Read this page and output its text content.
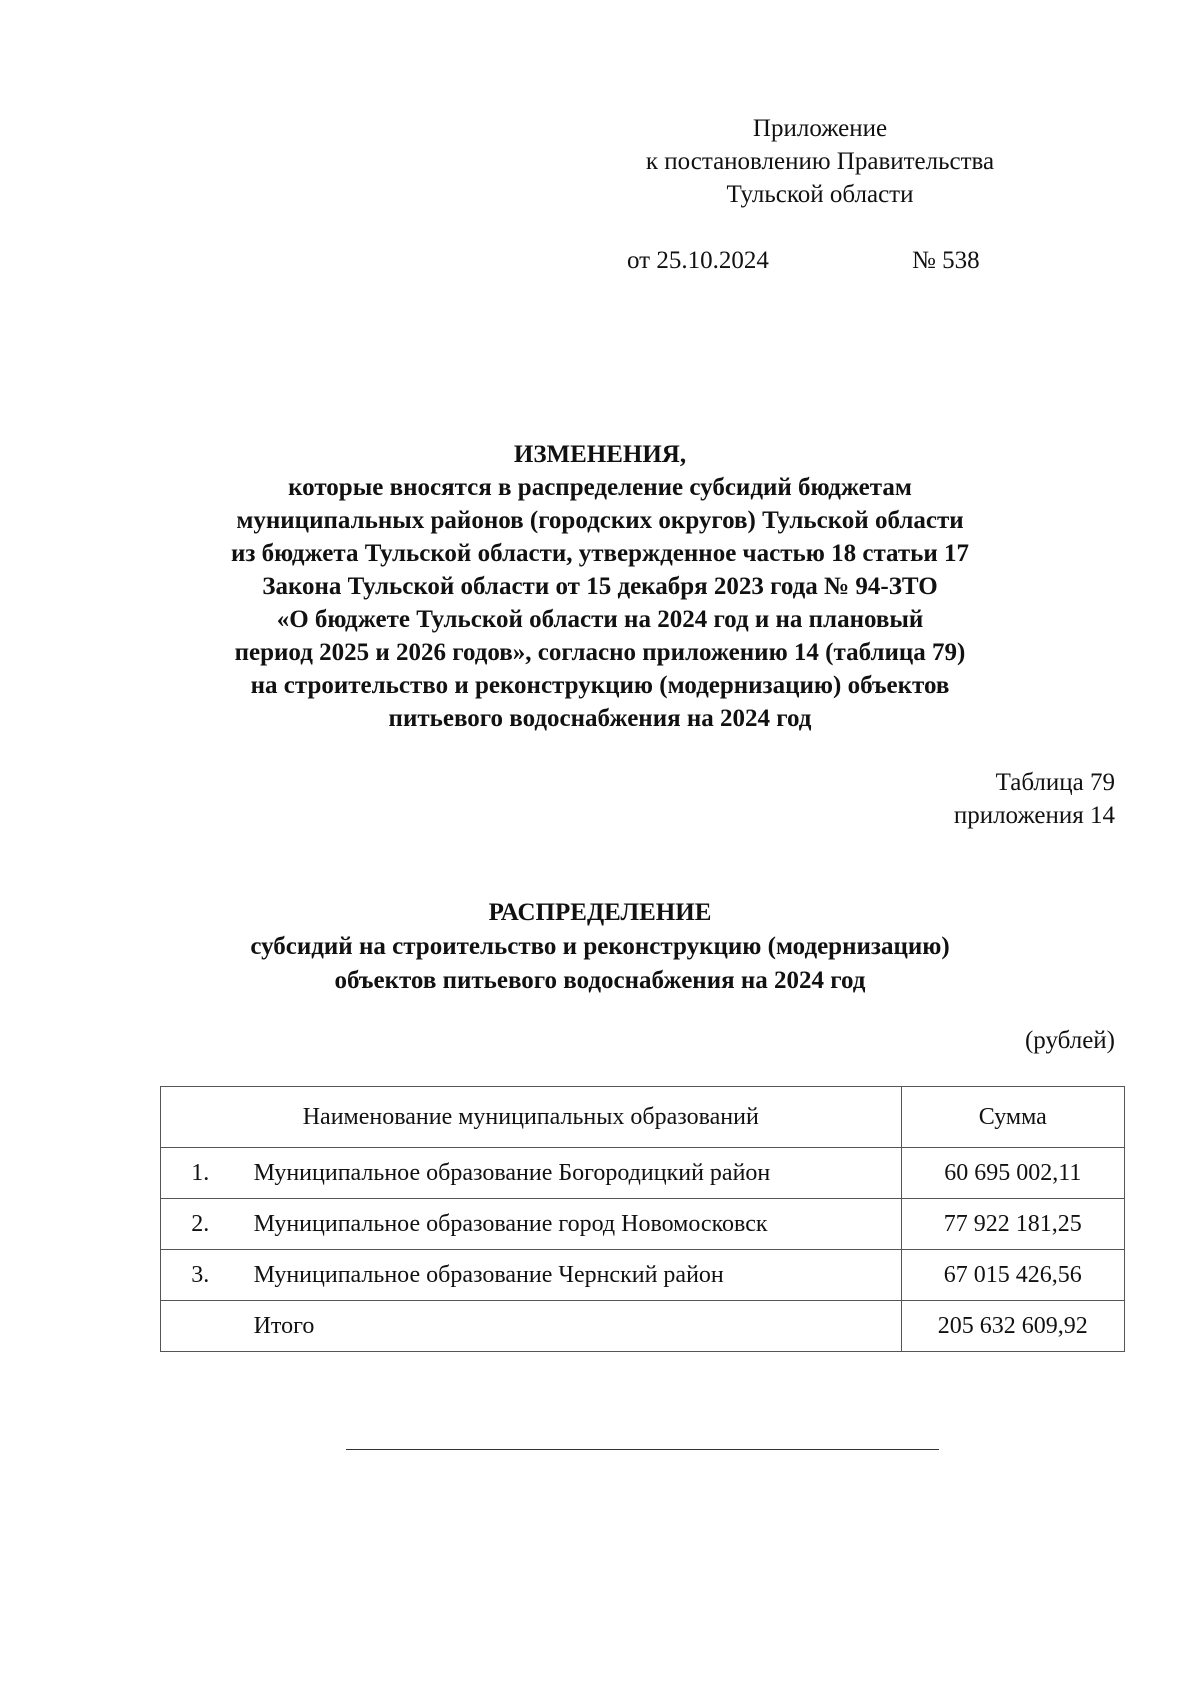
Приложение
к постановлению Правительства
Тульской области
от 25.10.2024	№ 538
ИЗМЕНЕНИЯ,
которые вносятся в распределение субсидий бюджетам
муниципальных районов (городских округов) Тульской области
из бюджета Тульской области, утвержденное частью 18 статьи 17
Закона Тульской области от 15 декабря 2023 года № 94-ЗТО
«О бюджете Тульской области на 2024 год и на плановый
период 2025 и 2026 годов», согласно приложению 14 (таблица 79)
на строительство и реконструкцию (модернизацию) объектов
питьевого водоснабжения на 2024 год
Таблица 79
приложения 14
РАСПРЕДЕЛЕНИЕ
субсидий на строительство и реконструкцию (модернизацию)
объектов питьевого водоснабжения на 2024 год
(рублей)
Наименование муниципальных образований		Сумма
1.	Муниципальное образование Богородицкий район	60 695 002,11
2.	Муниципальное образование город Новомосковск	77 922 181,25
3.	Муниципальное образование Чернский район	67 015 426,56
	Итого	205 632 609,92
